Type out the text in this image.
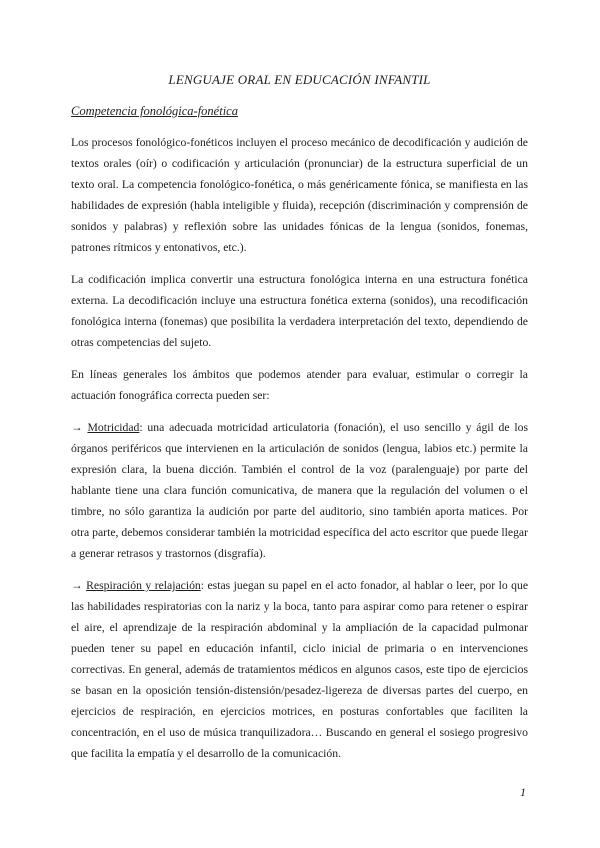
LENGUAJE ORAL EN EDUCACIÓN INFANTIL
Competencia fonológica-fonética

Los procesos fonológico-fonéticos incluyen el proceso mecánico de decodificación y audición de textos orales (oír) o codificación y articulación (pronunciar) de la estructura superficial de un texto oral. La competencia fonológico-fonética, o más genéricamente fónica, se manifiesta en las habilidades de expresión (habla inteligible y fluida), recepción (discriminación y comprensión de sonidos y palabras) y reflexión sobre las unidades fónicas de la lengua (sonidos, fonemas, patrones rítmicos y entonativos, etc.).

La codificación implica convertir una estructura fonológica interna en una estructura fonética externa. La decodificación incluye una estructura fonética externa (sonidos), una recodificación fonológica interna (fonemas) que posibilita la verdadera interpretación del texto, dependiendo de otras competencias del sujeto.

En líneas generales los ámbitos que podemos atender para evaluar, estimular o corregir la actuación fonográfica correcta pueden ser:

→ Motricidad: una adecuada motricidad articulatoria (fonación), el uso sencillo y ágil de los órganos periféricos que intervienen en la articulación de sonidos (lengua, labios etc.) permite la expresión clara, la buena dicción. También el control de la voz (paralenguaje) por parte del hablante tiene una clara función comunicativa, de manera que la regulación del volumen o el timbre, no sólo garantiza la audición por parte del auditorio, sino también aporta matices. Por otra parte, debemos considerar también la motricidad específica del acto escritor que puede llegar a generar retrasos y trastornos (disgrafía).

→ Respiración y relajación: estas juegan su papel en el acto fonador, al hablar o leer, por lo que las habilidades respiratorias con la nariz y la boca, tanto para aspirar como para retener o espirar el aire, el aprendizaje de la respiración abdominal y la ampliación de la capacidad pulmonar pueden tener su papel en educación infantil, ciclo inicial de primaria o en intervenciones correctivas. En general, además de tratamientos médicos en algunos casos, este tipo de ejercicios se basan en la oposición tensión-distensión/pesadez-ligereza de diversas partes del cuerpo, en ejercicios de respiración, en ejercicios motrices, en posturas confortables que faciliten la concentración, en el uso de música tranquilizadora… Buscando en general el sosiego progresivo que facilita la empatía y el desarrollo de la comunicación.

1
